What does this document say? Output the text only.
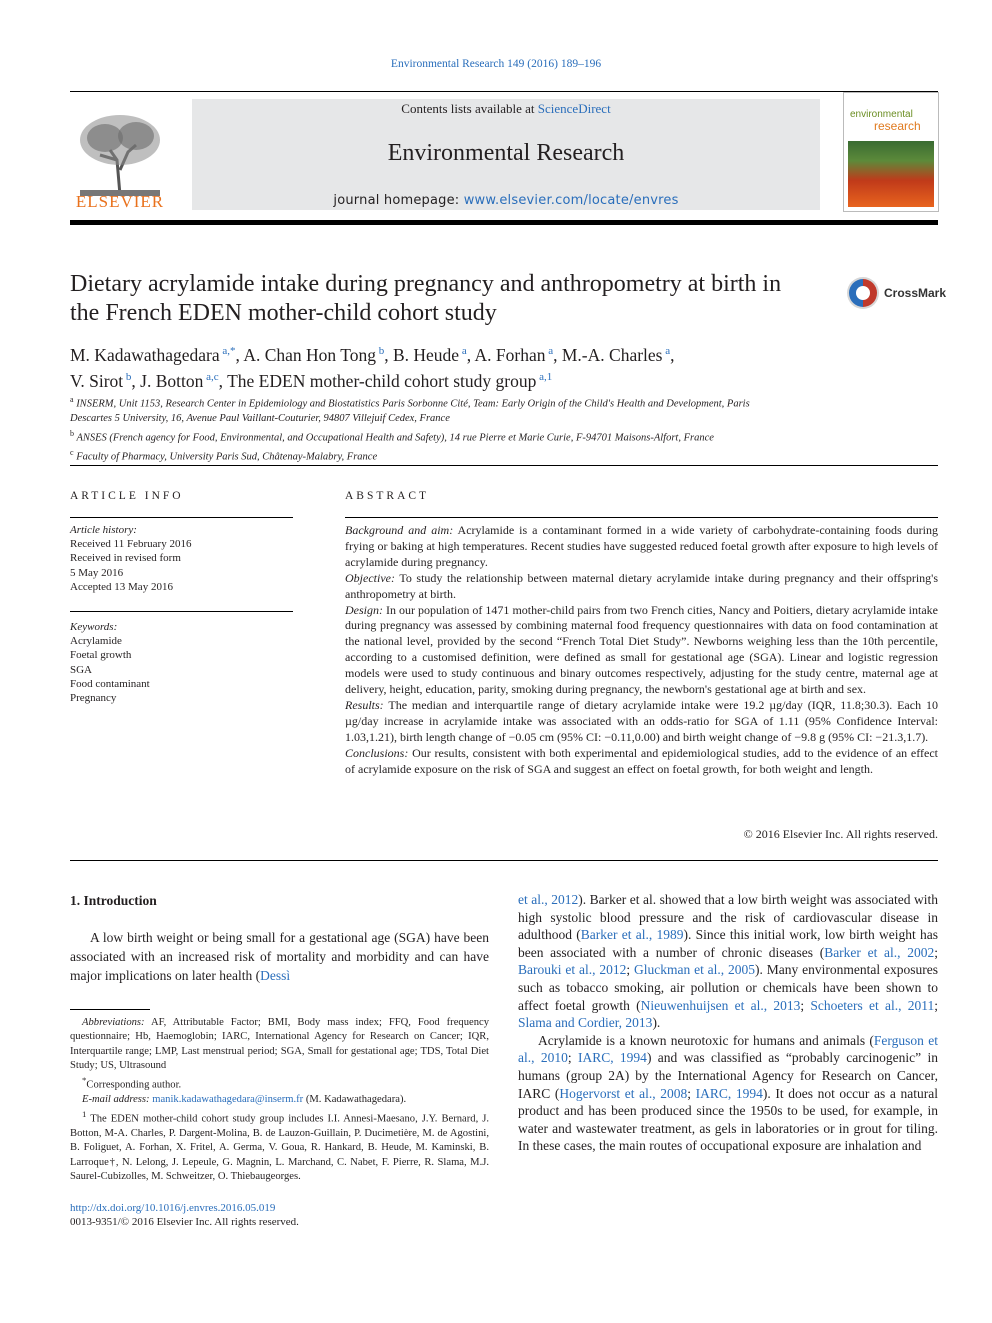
Environmental Research 149 (2016) 189–196
ELSEVIER
Contents lists available at ScienceDirect
Environmental Research
journal homepage: www.elsevier.com/locate/envres
environmental
research
Dietary acrylamide intake during pregnancy and anthropometry at birth in the French EDEN mother-child cohort study
CrossMark
M. Kadawathagedara $^{a,*}$, A. Chan Hon Tong $^b$, B. Heude $^a$, A. Forhan $^a$, M.-A. Charles $^a$,
V. Sirot $^b$, J. Botton $^{a,c}$, The EDEN mother-child cohort study group $^{a,1}$
$^a$ INSERM, Unit 1153, Research Center in Epidemiology and Biostatistics Paris Sorbonne Cité, Team: Early Origin of the Child's Health and Development, Paris
Descartes 5 University, 16, Avenue Paul Vaillant-Couturier, 94807 Villejuif Cedex, France
$^b$ ANSES (French agency for Food, Environmental, and Occupational Health and Safety), 14 rue Pierre et Marie Curie, F-94701 Maisons-Alfort, France
$^c$ Faculty of Pharmacy, University Paris Sud, Châtenay-Malabry, France
ARTICLE INFO
Article history:
Received 11 February 2016
Received in revised form
5 May 2016
Accepted 13 May 2016
Keywords:
Acrylamide
Foetal growth
SGA
Food contaminant
Pregnancy
ABSTRACT

Background and aim: Acrylamide is a contaminant formed in a wide variety of carbohydrate-containing foods during frying or baking at high temperatures. Recent studies have suggested reduced foetal growth after exposure to high levels of acrylamide during pregnancy.

Objective: To study the relationship between maternal dietary acrylamide intake during pregnancy and their offspring's anthropometry at birth.

Design: In our population of 1471 mother-child pairs from two French cities, Nancy and Poitiers, dietary acrylamide intake during pregnancy was assessed by combining maternal food frequency questionnaires with data on food contamination at the national level, provided by the second “French Total Diet Study”. Newborns weighing less than the 10th percentile, according to a customised definition, were defined as small for gestational age (SGA). Linear and logistic regression models were used to study continuous and binary outcomes respectively, adjusting for the study centre, maternal age at delivery, height, education, parity, smoking during pregnancy, the newborn's gestational age at birth and sex.

Results: The median and interquartile range of dietary acrylamide intake were 19.2 µg/day (IQR, 11.8;30.3). Each 10 µg/day increase in acrylamide intake was associated with an odds-ratio for SGA of 1.11 (95% Confidence Interval: 1.03,1.21), birth length change of −0.05 cm (95% CI: −0.11,0.00) and birth weight change of −9.8 g (95% CI: −21.3,1.7).

Conclusions: Our results, consistent with both experimental and epidemiological studies, add to the evidence of an effect of acrylamide exposure on the risk of SGA and suggest an effect on foetal growth, for both weight and length.

© 2016 Elsevier Inc. All rights reserved.
1. Introduction

A low birth weight or being small for a gestational age (SGA) have been associated with an increased risk of mortality and morbidity and can have major implications on later health (Dessì

et al., 2012). Barker et al. showed that a low birth weight was associated with high systolic blood pressure and the risk of cardiovascular disease in adulthood (Barker et al., 1989). Since this initial work, low birth weight has been associated with a number of chronic diseases (Barker et al., 2002; Barouki et al., 2012; Gluckman et al., 2005). Many environmental exposures such as tobacco smoking, air pollution or chemicals have been shown to affect foetal growth (Nieuwenhuijsen et al., 2013; Schoeters et al., 2011; Slama and Cordier, 2013).

Acrylamide is a known neurotoxic for humans and animals (Ferguson et al., 2010; IARC, 1994) and was classified as “probably carcinogenic” in humans (group 2A) by the International Agency for Research on Cancer, IARC (Hogervorst et al., 2008; IARC, 1994). It does not occur as a natural product and has been produced since the 1950s to be used, for example, in water and wastewater treatment, as gels in laboratories or in grout for tiling. In these cases, the main routes of occupational exposure are inhalation and

Abbreviations: AF, Attributable Factor; BMI, Body mass index; FFQ, Food frequency questionnaire; Hb, Haemoglobin; IARC, International Agency for Research on Cancer; IQR, Interquartile range; LMP, Last menstrual period; SGA, Small for gestational age; TDS, Total Diet Study; US, Ultrasound

*Corresponding author.

E-mail address: manik.kadawathagedara@inserm.fr (M. Kadawathagedara).

$^1$ The EDEN mother-child cohort study group includes I.I. Annesi-Maesano, J.Y. Bernard, J. Botton, M-A. Charles, P. Dargent-Molina, B. de Lauzon-Guillain, P. Ducimetière, M. de Agostini, B. Foliguet, A. Forhan, X. Fritel, A. Germa, V. Goua, R. Hankard, B. Heude, M. Kaminski, B. Larroque†, N. Lelong, J. Lepeule, G. Magnin, L. Marchand, C. Nabet, F. Pierre, R. Slama, M.J. Saurel-Cubizolles, M. Schweitzer, O. Thiebaugeorges.

http://dx.doi.org/10.1016/j.envres.2016.05.019
0013-9351/© 2016 Elsevier Inc. All rights reserved.
